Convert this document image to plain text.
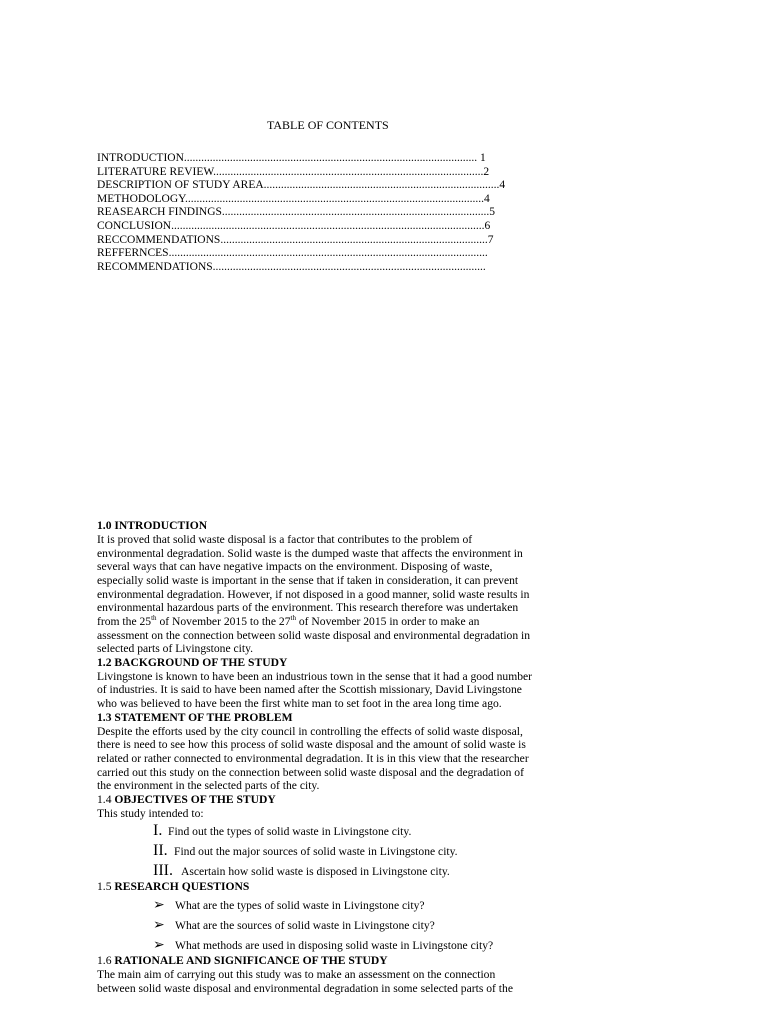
TABLE OF CONTENTS
INTRODUCTION...................................................................................................... 1
LITERATURE REVIEW..............................................................................................2
DESCRIPTION OF STUDY AREA..................................................................................4
METHODOLOGY........................................................................................................4
REASEARCH FINDINGS.............................................................................................5
CONCLUSION.............................................................................................................6
RECCOMMENDATIONS.............................................................................................7
REFFERNCES...............................................................................................................
RECOMMENDATIONS...............................................................................................
1.0 INTRODUCTION

It is proved that solid waste disposal is a factor that contributes to the problem of

environmental degradation. Solid waste is the dumped waste that affects the environment in

several ways that can have negative impacts on the environment. Disposing of waste,

especially solid waste is important in the sense that if taken in consideration, it can prevent

environmental degradation. However, if not disposed in a good manner, solid waste results in

environmental hazardous parts of the environment. This research therefore was undertaken

from the 25th of November 2015 to the 27th of November 2015 in order to make an

assessment on the connection between solid waste disposal and environmental degradation in

selected parts of Livingstone city.

1.2 BACKGROUND OF THE STUDY

Livingstone is known to have been an industrious town in the sense that it had a good number

of industries. It is said to have been named after the Scottish missionary, David Livingstone

who was believed to have been the first white man to set foot in the area long time ago.

1.3 STATEMENT OF THE PROBLEM

Despite the efforts used by the city council in controlling the effects of solid waste disposal,

there is need to see how this process of solid waste disposal and the amount of solid waste is

related or rather connected to environmental degradation. It is in this view that the researcher

carried out this study on the connection between solid waste disposal and the degradation of

the environment in the selected parts of the city.

1.4 OBJECTIVES OF THE STUDY

This study intended to:

I. Find out the types of solid waste in Livingstone city.
II. Find out the major sources of solid waste in Livingstone city.
III. Ascertain how solid waste is disposed in Livingstone city.
1.5 RESEARCH QUESTIONS
➢ What are the types of solid waste in Livingstone city?
➢ What are the sources of solid waste in Livingstone city?
➢ What methods are used in disposing solid waste in Livingstone city?
1.6 RATIONALE AND SIGNIFICANCE OF THE STUDY

The main aim of carrying out this study was to make an assessment on the connection

between solid waste disposal and environmental degradation in some selected parts of the
